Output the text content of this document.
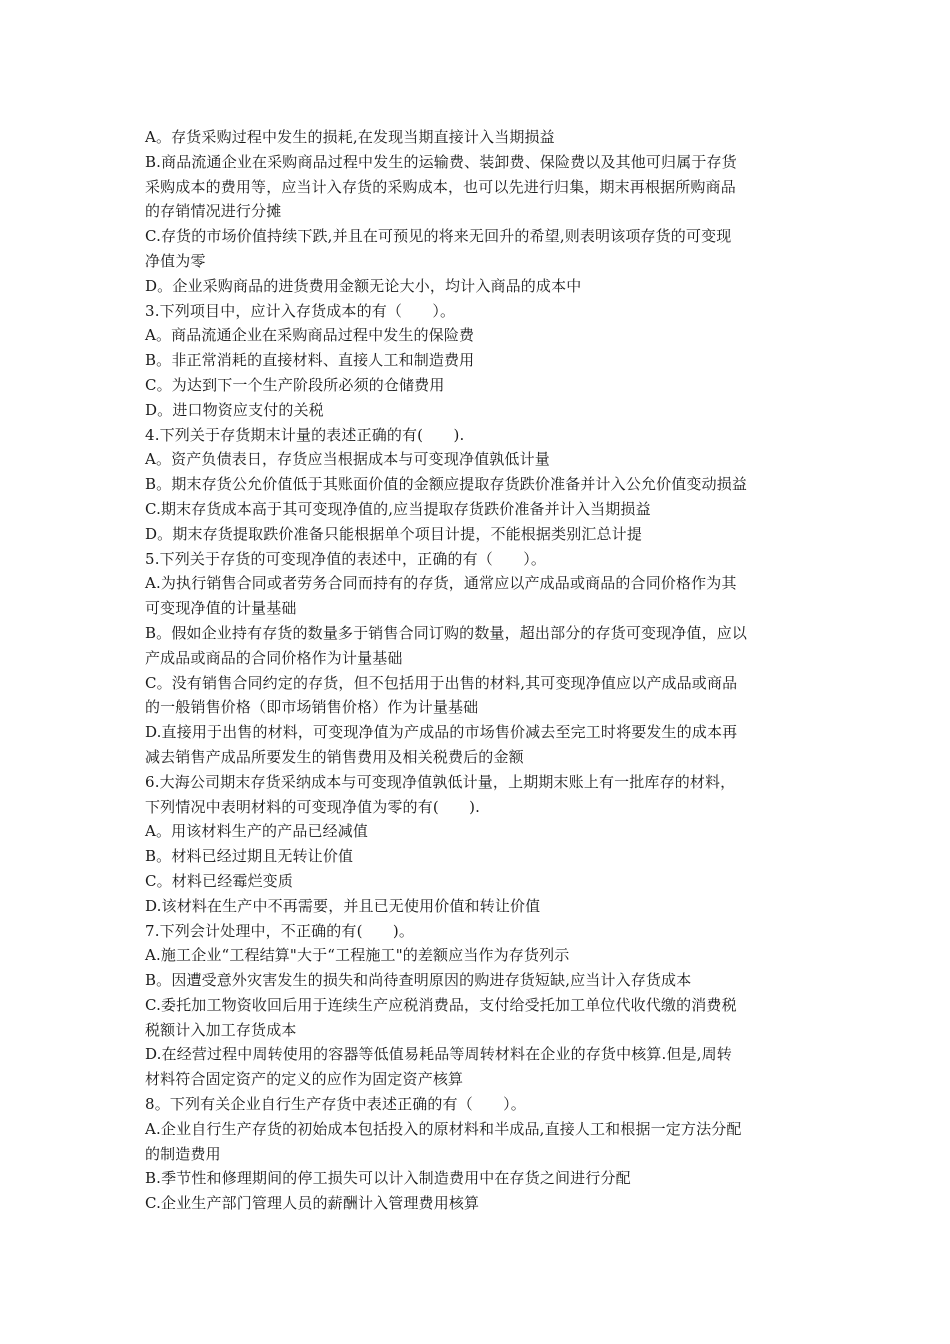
A。存货采购过程中发生的损耗,在发现当期直接计入当期损益
B.商品流通企业在采购商品过程中发生的运输费、装卸费、保险费以及其他可归属于存货
采购成本的费用等，应当计入存货的采购成本，也可以先进行归集，期末再根据所购商品
的存销情况进行分摊
C.存货的市场价值持续下跌,并且在可预见的将来无回升的希望,则表明该项存货的可变现
净值为零
D。企业采购商品的进货费用金额无论大小，均计入商品的成本中
3.下列项目中，应计入存货成本的有（　　）。
A。商品流通企业在采购商品过程中发生的保险费
B。非正常消耗的直接材料、直接人工和制造费用
C。为达到下一个生产阶段所必须的仓储费用
D。进口物资应支付的关税
4.下列关于存货期末计量的表述正确的有(　　).
A。资产负债表日，存货应当根据成本与可变现净值孰低计量
B。期末存货公允价值低于其账面价值的金额应提取存货跌价准备并计入公允价值变动损益
C.期末存货成本高于其可变现净值的,应当提取存货跌价准备并计入当期损益
D。期末存货提取跌价准备只能根据单个项目计提，不能根据类别汇总计提
5.下列关于存货的可变现净值的表述中，正确的有（　　）。
A.为执行销售合同或者劳务合同而持有的存货，通常应以产成品或商品的合同价格作为其
可变现净值的计量基础
B。假如企业持有存货的数量多于销售合同订购的数量，超出部分的存货可变现净值，应以
产成品或商品的合同价格作为计量基础
C。没有销售合同约定的存货，但不包括用于出售的材料,其可变现净值应以产成品或商品
的一般销售价格（即市场销售价格）作为计量基础
D.直接用于出售的材料，可变现净值为产成品的市场售价减去至完工时将要发生的成本再
减去销售产成品所要发生的销售费用及相关税费后的金额
6.大海公司期末存货采纳成本与可变现净值孰低计量，上期期末账上有一批库存的材料，
下列情况中表明材料的可变现净值为零的有(　　).
A。用该材料生产的产品已经减值
B。材料已经过期且无转让价值
C。材料已经霉烂变质
D.该材料在生产中不再需要，并且已无使用价值和转让价值
7.下列会计处理中，不正确的有(　　)。
A.施工企业“工程结算"大于“工程施工"的差额应当作为存货列示
B。因遭受意外灾害发生的损失和尚待查明原因的购进存货短缺,应当计入存货成本
C.委托加工物资收回后用于连续生产应税消费品，支付给受托加工单位代收代缴的消费税
税额计入加工存货成本
D.在经营过程中周转使用的容器等低值易耗品等周转材料在企业的存货中核算.但是,周转
材料符合固定资产的定义的应作为固定资产核算
8。下列有关企业自行生产存货中表述正确的有（　　）。
A.企业自行生产存货的初始成本包括投入的原材料和半成品,直接人工和根据一定方法分配
的制造费用
B.季节性和修理期间的停工损失可以计入制造费用中在存货之间进行分配
C.企业生产部门管理人员的薪酬计入管理费用核算
